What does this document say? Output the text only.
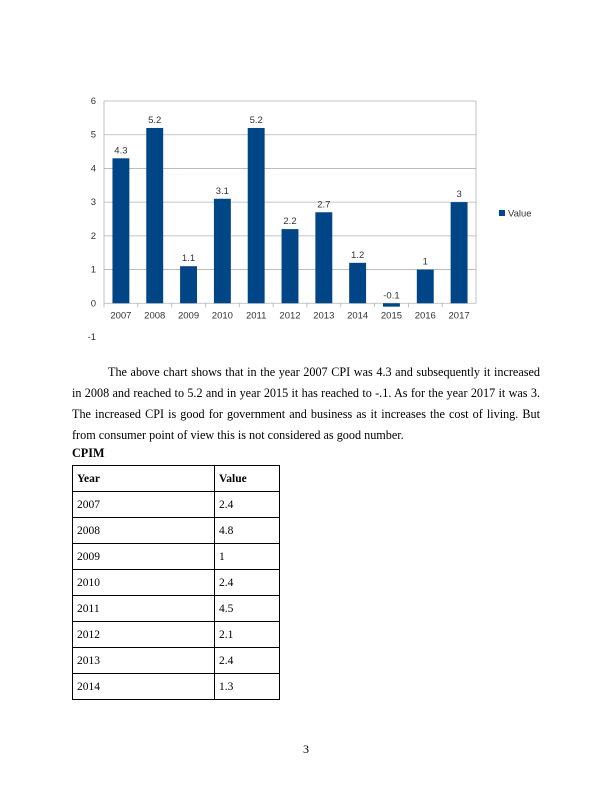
-1
0
1
2
3
4
5
6
4.3
2007
5.2
2008
1.1
2009
3.1
2010
5.2
2011
2.2
2012
2.7
2013
1.2
2014
-0.1
2015
1
2016
3
2017
Value

The above chart shows that in the year 2007 CPI was 4.3 and subsequently it increased in 2008 and reached to 5.2 and in year 2015 it has reached to -.1. As for the year 2017 it was 3. The increased CPI is good for government and business as it increases the cost of living. But from consumer point of view this is not considered as good number.

CPIM
Year	Value
2007	2.4
2008	4.8
2009	1
2010	2.4
2011	4.5
2012	2.1
2013	2.4
2014	1.3
3
